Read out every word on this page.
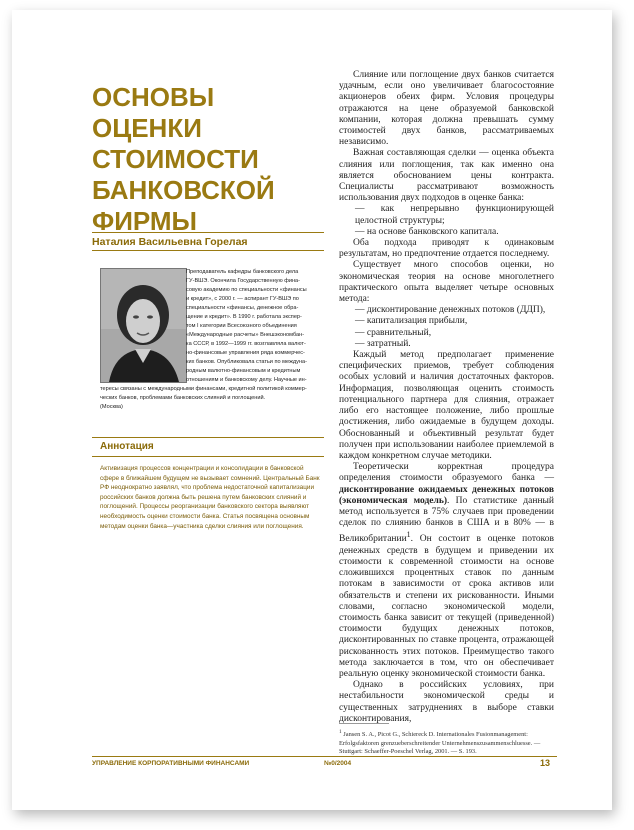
ОСНОВЫ ОЦЕНКИ СТОИМОСТИ БАНКОВСКОЙ ФИРМЫ
Наталия Васильевна Горелая
Преподаватель кафедры банковского дела
ГУ-ВШЭ. Окончила Государственную фина-
совую академию по специальности «финансы
и кредит», с 2000 г. — аспирант ГУ-ВШЭ по
специальности «финансы, денежное обра-
щение и кредит». В 1990 г. работала экспер-
том I категории Всесоюзного объединения
«Международные расчеты» Внешэкономбан-
ка СССР, в 1992—1999 гг. возглавляла валют-
но-финансовые управления ряда коммерчес-
ких банков. Опубликовала статьи по междуна-
родным валютно-финансовым и кредитным
отношениям и банковскому делу. Научные ин-
тересы связаны с международными финансами, кредитной политикой коммер-
ческих банков, проблемами банковских слияний и поглощений.
(Москва)
Аннотация

Активизация процессов концентрации и консолидации в банковской сфере в ближайшем будущем не вызывает сомнений. Центральный Банк РФ неоднократно заявлял, что проблема недостаточной капитализации российских банков должна быть решена путем банковских слияний и поглощений. Процессы реорганизации банковского сектора выявляют необходимость оценки стоимости банка. Статья посвящена основным методам оценки банка—участника сделки слияния или поглощения.

Слияние или поглощение двух банков считается удачным, если оно увеличивает благосостояние акционеров обеих фирм. Условия процедуры отражаются на цене образуемой банковской компании, которая должна превышать сумму стоимостей двух банков, рассматриваемых независимо.

Важная составляющая сделки — оценка объекта слияния или поглощения, так как именно она является обоснованием цены контракта. Специалисты рассматривают возможность использования двух подходов в оценке банка:

— как непрерывно функционирующей целостной структуры;

— на основе банковского капитала.

Оба подхода приводят к одинаковым результатам, но предпочтение отдается последнему.

Существует много способов оценки, но экономическая теория на основе многолетнего практического опыта выделяет четыре основных метода:

— дисконтирование денежных потоков (ДДП),

— капитализация прибыли,

— сравнительный,

— затратный.

Каждый метод предполагает применение специфических приемов, требует соблюдения особых условий и наличия достаточных факторов. Информация, позволяющая оценить стоимость потенциального партнера для слияния, отражает либо его настоящее положение, либо прошлые достижения, либо ожидаемые в будущем доходы. Обоснованный и объективный результат будет получен при использовании наиболее приемлемой в каждом конкретном случае методики.

Теоретически корректная процедура определения стоимости образуемого банка — дисконтирование ожидаемых денежных потоков (экономическая модель). По статистике данный метод используется в 75% случаев при проведении сделок по слиянию банков в США и в 80% — в Великобритании$^1$. Он состоит в оценке потоков денежных средств в будущем и приведении их стоимости к современной стоимости на основе сложившихся процентных ставок по данным потокам в зависимости от срока активов или обязательств и степени их рискованности. Иными словами, согласно экономической модели, стоимость банка зависит от текущей (приведенной) стоимости будущих денежных потоков, дисконтированных по ставке процента, отражающей рискованность этих потоков. Преимущество такого метода заключается в том, что он обеспечивает реальную оценку экономической стоимости банка.

Однако в российских условиях, при нестабильности экономической среды и существенных затруднениях в выборе ставки дисконтирования,

$^1$ Jansen S. A., Picot G., Schiereck D. Internationales Fusionmanagement: Erfolgsfaktoren grenzueberschreitender Unternehmenszusammenschluesse. — Stuttgart: Schaeffer-Poeschel Verlag, 2001. — S. 193.
УПРАВЛЕНИЕ КОРПОРАТИВНЫМИ ФИНАНСАМИ	№0/2004	13
